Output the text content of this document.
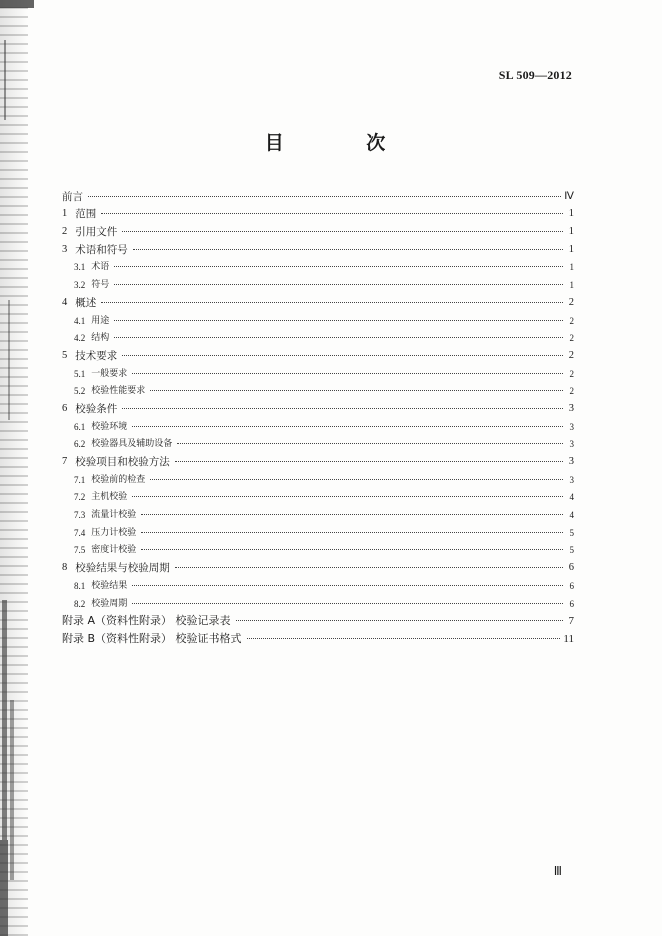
SL 509—2012
目 次
前言	Ⅳ
1 范围	1
2 引用文件	1
3 术语和符号	1
3.1 术语	1
3.2 符号	1
4 概述	2
4.1 用途	2
4.2 结构	2
5 技术要求	2
5.1 一般要求	2
5.2 校验性能要求	2
6 校验条件	3
6.1 校验环境	3
6.2 校验器具及辅助设备	3
7 校验项目和校验方法	3
7.1 校验前的检查	3
7.2 主机校验	4
7.3 流量计校验	4
7.4 压力计校验	5
7.5 密度计校验	5
8 校验结果与校验周期	6
8.1 校验结果	6
8.2 校验周期	6
附录 A（资料性附录） 校验记录表	7
附录 B（资料性附录） 校验证书格式	11
Ⅲ
